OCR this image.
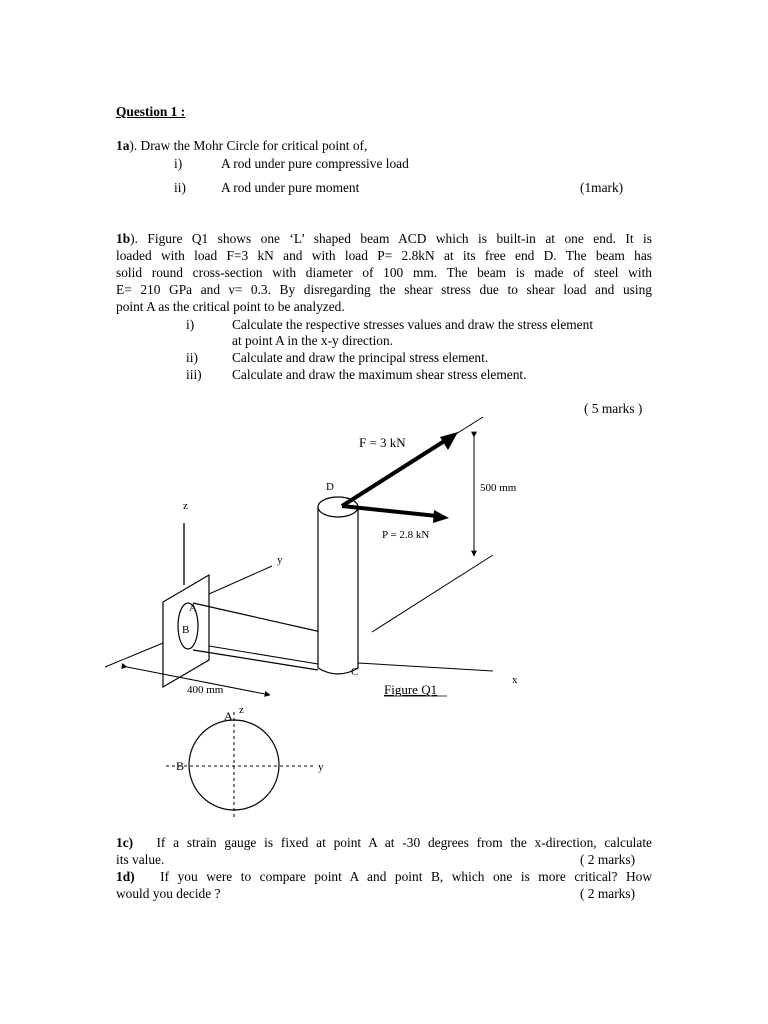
Question 1 :
1a). Draw the Mohr Circle for critical point of,
i)	A rod under pure compressive load
ii)	A rod under pure moment	(1mark)
1b). Figure Q1 shows one ‘L’ shaped beam ACD which is built-in at one end. It is
loaded with load F=3 kN and with load P= 2.8kN at its free end D. The beam has
solid round cross-section with diameter of 100 mm. The beam is made of steel with
E= 210 GPa and ν= 0.3. By disregarding the shear stress due to shear load and using
point A as the critical point to be analyzed.
i)	Calculate the respective stresses values and draw the stress element
at point A in the x-y direction.
ii)	Calculate and draw the principal stress element.
iii) Calculate and draw the maximum shear stress element.
( 5 marks )
F = 3 kN
P = 2.8 kN
D
C
A
B
z
y
x
500 mm
400 mm	Figure Q1
A z
B	y
1c) If a strain gauge is fixed at point A at -30 degrees from the x-direction, calculate
its value.	( 2 marks)
1d) If you were to compare point A and point B, which one is more critical? How
would you decide ?	( 2 marks)
